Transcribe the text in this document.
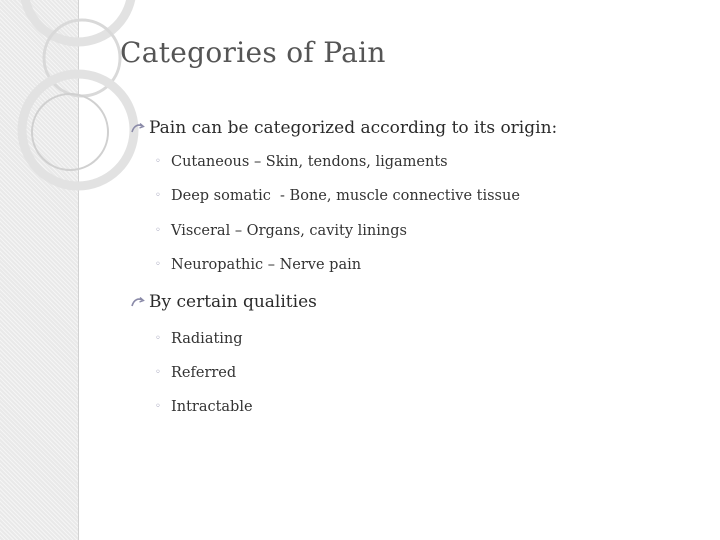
Categories of Pain
Pain can be categorized according to its origin:
◦ Cutaneous – Skin, tendons, ligaments
◦ Deep somatic  - Bone, muscle connective tissue
◦ Visceral – Organs, cavity linings
◦ Neuropathic – Nerve pain
By certain qualities
◦ Radiating
◦ Referred
◦ Intractable
